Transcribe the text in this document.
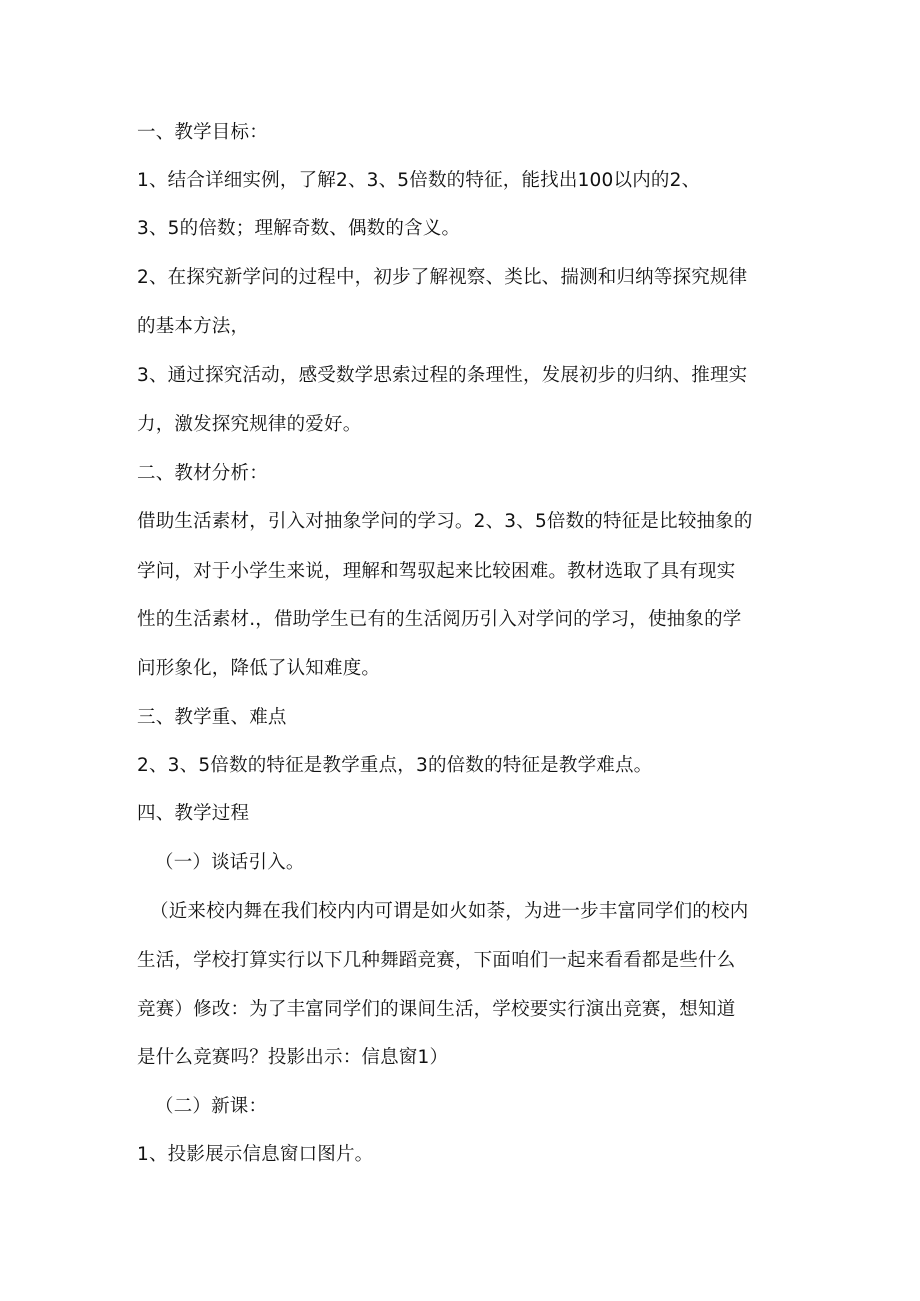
一、教学目标：
1、结合详细实例，了解2、3、5倍数的特征，能找出100以内的2、
3、5的倍数；理解奇数、偶数的含义。
2、在探究新学问的过程中，初步了解视察、类比、揣测和归纳等探究规律
的基本方法，
3、通过探究活动，感受数学思索过程的条理性，发展初步的归纳、推理实
力，激发探究规律的爱好。
二、教材分析：
借助生活素材，引入对抽象学问的学习。2、3、5倍数的特征是比较抽象的
学问，对于小学生来说，理解和驾驭起来比较困难。教材选取了具有现实
性的生活素材.，借助学生已有的生活阅历引入对学问的学习，使抽象的学
问形象化，降低了认知难度。
三、教学重、难点
2、3、5倍数的特征是教学重点，3的倍数的特征是教学难点。
四、教学过程
（一）谈话引入。
（近来校内舞在我们校内内可谓是如火如荼，为进一步丰富同学们的校内
生活，学校打算实行以下几种舞蹈竞赛，下面咱们一起来看看都是些什么
竞赛）修改：为了丰富同学们的课间生活，学校要实行演出竞赛，想知道
是什么竞赛吗？投影出示：信息窗1）
（二）新课：
1、投影展示信息窗口图片。
